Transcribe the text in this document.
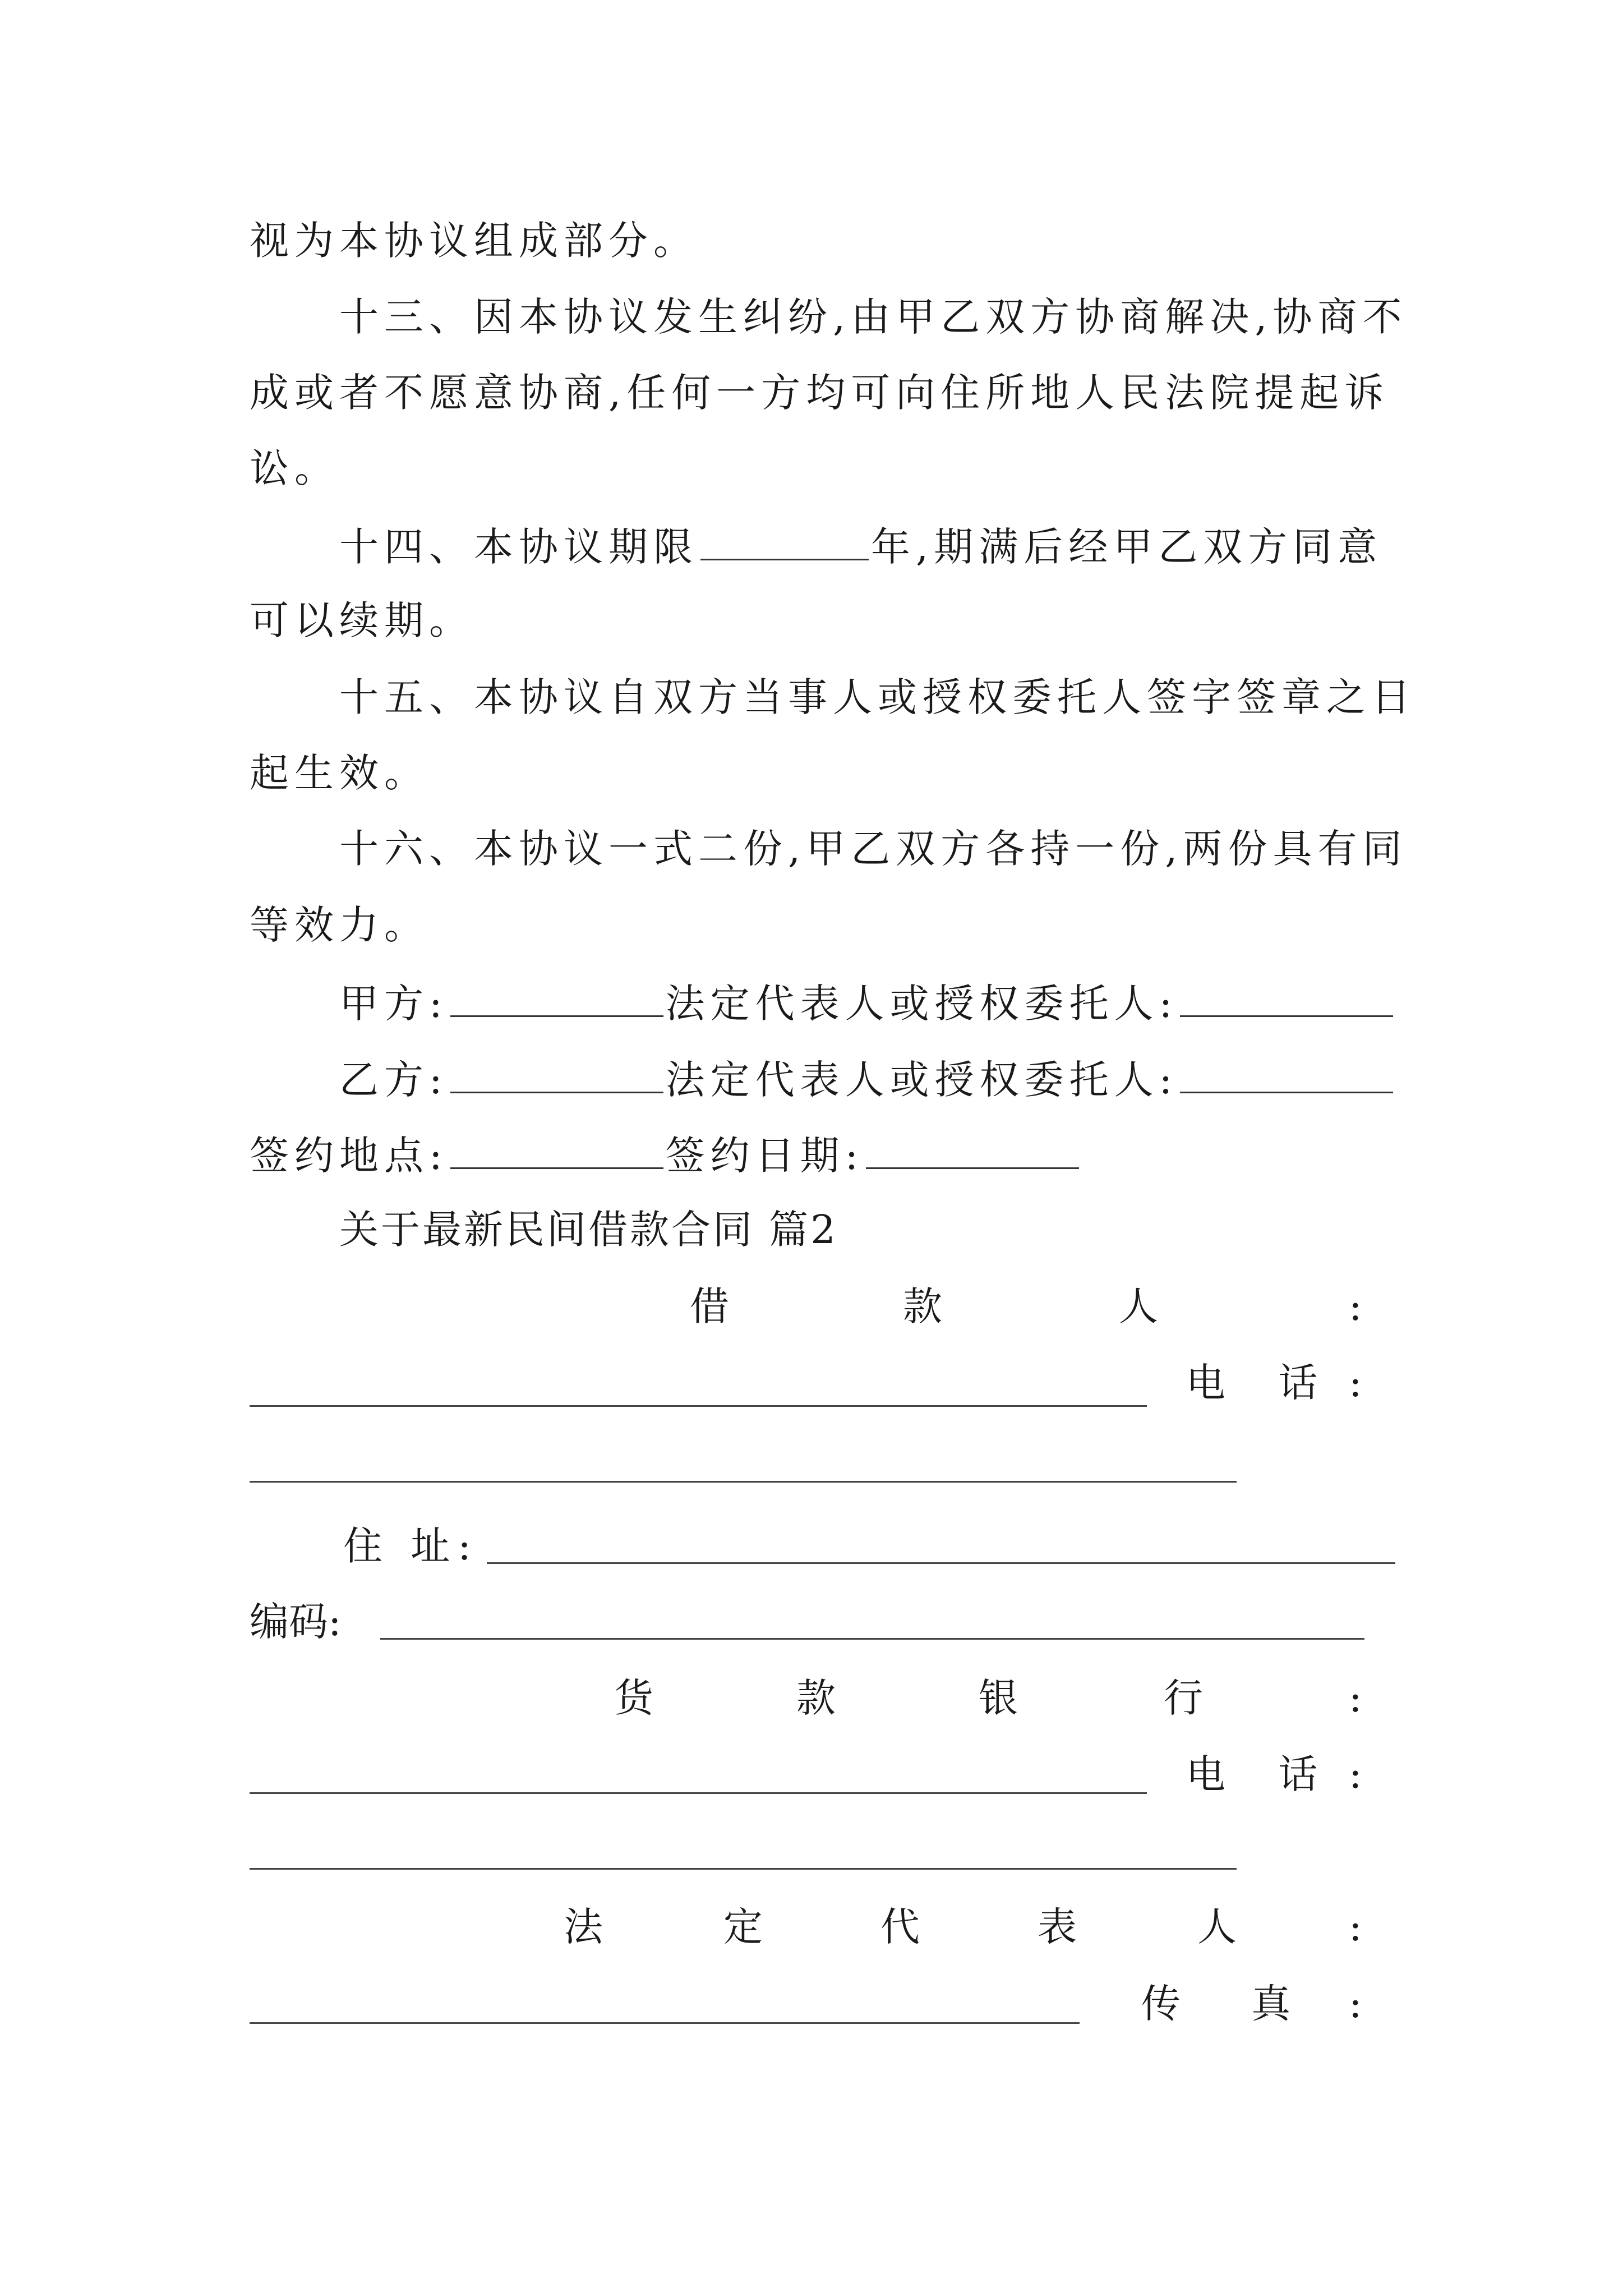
视为本协议组成部分。
十三、因本协议发生纠纷,由甲乙双方协商解决,协商不
成或者不愿意协商,任何一方均可向住所地人民法院提起诉
讼。
十四、本协议期限	年,期满后经甲乙双方同意
可以续期。
十五、本协议自双方当事人或授权委托人签字签章之日
起生效。
十六、本协议一式二份,甲乙双方各持一份,两份具有同
等效力。
甲方:	法定代表人或授权委托人:
乙方:	法定代表人或授权委托人:
签约地点:	签约日期:
关于最新民间借款合同 篇2
借	款	人	:
电 话 :
住 址:
编码:
货	款	银	行	:
电 话 :
法	定	代	表	人	:
传 真 :
